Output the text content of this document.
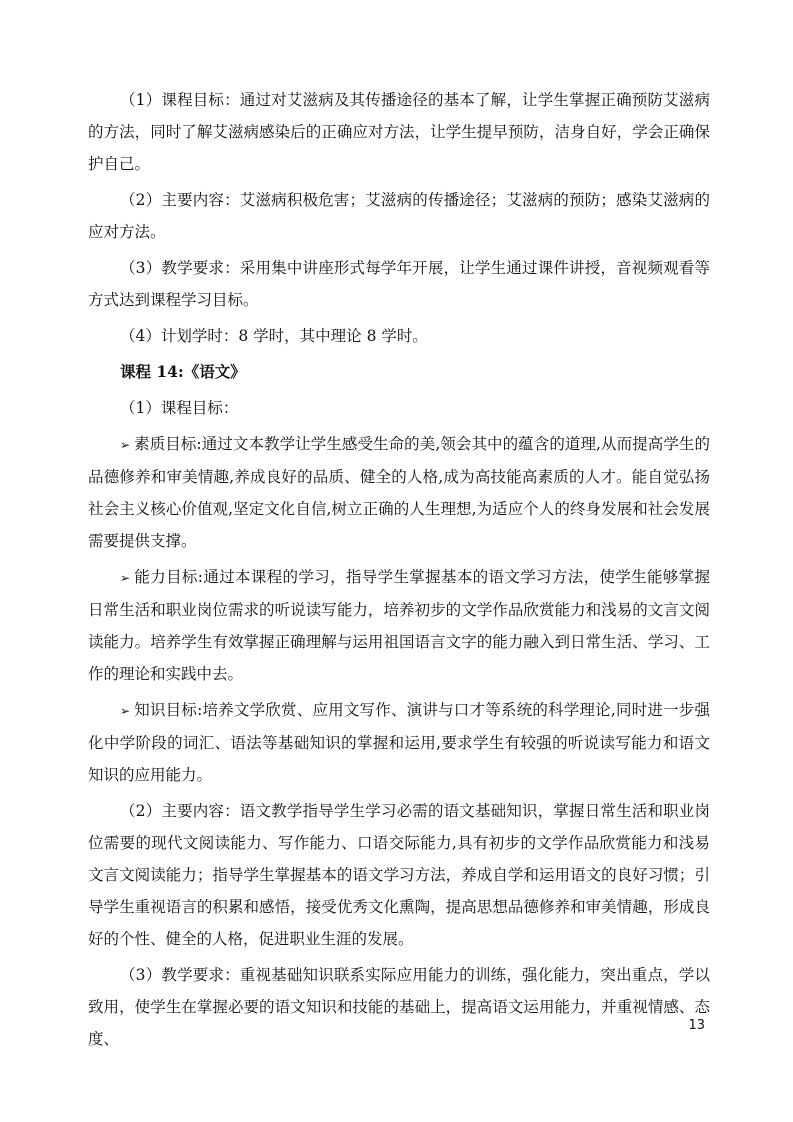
（1）课程目标：通过对艾滋病及其传播途径的基本了解，让学生掌握正确预防艾滋病的方法，同时了解艾滋病感染后的正确应对方法，让学生提早预防，洁身自好，学会正确保护自己。

（2）主要内容：艾滋病积极危害；艾滋病的传播途径；艾滋病的预防；感染艾滋病的应对方法。

（3）教学要求：采用集中讲座形式每学年开展，让学生通过课件讲授，音视频观看等方式达到课程学习目标。

（4）计划学时：8 学时，其中理论 8 学时。

课程 14:《语文》

（1）课程目标：

➢ 素质目标:通过文本教学让学生感受生命的美,领会其中的蕴含的道理,从而提高学生的品德修养和审美情趣,养成良好的品质、健全的人格,成为高技能高素质的人才。能自觉弘扬社会主义核心价值观,坚定文化自信,树立正确的人生理想,为适应个人的终身发展和社会发展需要提供支撑。

➢ 能力目标:通过本课程的学习，指导学生掌握基本的语文学习方法，使学生能够掌握日常生活和职业岗位需求的听说读写能力，培养初步的文学作品欣赏能力和浅易的文言文阅读能力。培养学生有效掌握正确理解与运用祖国语言文字的能力融入到日常生活、学习、工作的理论和实践中去。

➢ 知识目标:培养文学欣赏、应用文写作、演讲与口才等系统的科学理论,同时进一步强化中学阶段的词汇、语法等基础知识的掌握和运用,要求学生有较强的听说读写能力和语文知识的应用能力。

（2）主要内容：语文教学指导学生学习必需的语文基础知识，掌握日常生活和职业岗位需要的现代文阅读能力、写作能力、口语交际能力,具有初步的文学作品欣赏能力和浅易文言文阅读能力；指导学生掌握基本的语文学习方法，养成自学和运用语文的良好习惯；引导学生重视语言的积累和感悟，接受优秀文化熏陶，提高思想品德修养和审美情趣，形成良好的个性、健全的人格，促进职业生涯的发展。

（3）教学要求：重视基础知识联系实际应用能力的训练，强化能力，突出重点，学以致用，使学生在掌握必要的语文知识和技能的基础上，提高语文运用能力，并重视情感、态度、

13
